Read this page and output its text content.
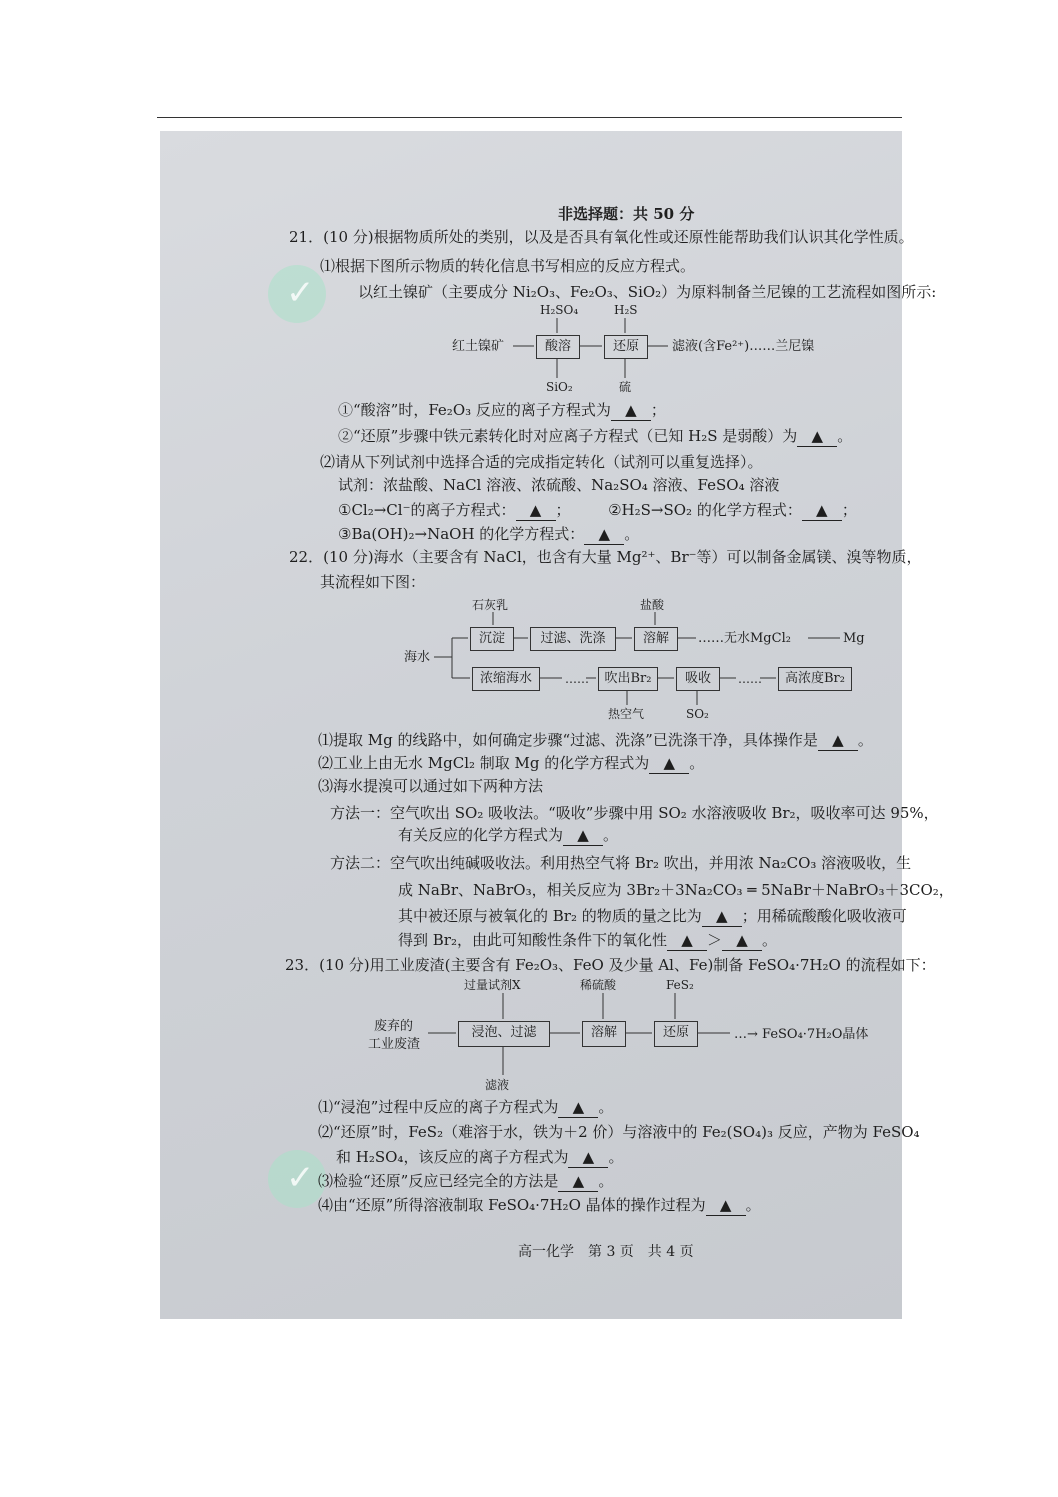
✓
✓
非选择题：共 50 分
21．(10 分)根据物质所处的类别，以及是否具有氧化性或还原性能帮助我们认识其化学性质。
⑴根据下图所示物质的转化信息书写相应的反应方程式。
以红土镍矿（主要成分 Ni₂O₃、Fe₂O₃、SiO₂）为原料制备兰尼镍的工艺流程如图所示:
H₂SO₄	H₂S
红土镍矿	酸溶	还原	滤液(含Fe²⁺)……兰尼镍
SiO₂	硫
①“酸溶”时，Fe₂O₃ 反应的离子方程式为 ▲ ；
②“还原”步骤中铁元素转化时对应离子方程式（已知 H₂S 是弱酸）为 ▲ 。
⑵请从下列试剂中选择合适的完成指定转化（试剂可以重复选择）。
试剂：浓盐酸、NaCl 溶液、浓硫酸、Na₂SO₄ 溶液、FeSO₄ 溶液
①Cl₂→Cl⁻的离子方程式： ▲ ；	②H₂S→SO₂ 的化学方程式： ▲ ；
③Ba(OH)₂→NaOH 的化学方程式： ▲ 。
22．(10 分)海水（主要含有 NaCl，也含有大量 Mg²⁺、Br⁻等）可以制备金属镁、溴等物质，
其流程如下图：
石灰乳	盐酸
海水
沉淀	过滤、洗涤	溶解	……无水MgCl₂	Mg
浓缩海水	……	吹出Br₂	吸收	……	高浓度Br₂
热空气	SO₂
⑴提取 Mg 的线路中，如何确定步骤“过滤、洗涤”已洗涤干净，具体操作是 ▲ 。
⑵工业上由无水 MgCl₂ 制取 Mg 的化学方程式为 ▲ 。
⑶海水提溴可以通过如下两种方法
方法一：空气吹出 SO₂ 吸收法。“吸收”步骤中用 SO₂ 水溶液吸收 Br₂，吸收率可达 95%，
有关反应的化学方程式为 ▲ 。
方法二：空气吹出纯碱吸收法。利用热空气将 Br₂ 吹出，并用浓 Na₂CO₃ 溶液吸收，生
成 NaBr、NaBrO₃，相关反应为 3Br₂＋3Na₂CO₃ ═ 5NaBr＋NaBrO₃＋3CO₂，
其中被还原与被氧化的 Br₂ 的物质的量之比为 ▲ ；用稀硫酸酸化吸收液可
得到 Br₂，由此可知酸性条件下的氧化性 ▲ ＞ ▲ 。
23．(10 分)用工业废渣(主要含有 Fe₂O₃、FeO 及少量 Al、Fe)制备 FeSO₄·7H₂O 的流程如下：
过量试剂X	稀硫酸	FeS₂
废弃的
工业废渣
浸泡、过滤	溶解	还原	…→ FeSO₄·7H₂O晶体
滤液
⑴“浸泡”过程中反应的离子方程式为 ▲ 。
⑵“还原”时，FeS₂（难溶于水，铁为＋2 价）与溶液中的 Fe₂(SO₄)₃ 反应，产物为 FeSO₄
和 H₂SO₄，该反应的离子方程式为 ▲ 。
⑶检验“还原”反应已经完全的方法是 ▲ 。
⑷由“还原”所得溶液制取 FeSO₄·7H₂O 晶体的操作过程为 ▲ 。
高一化学　第 3 页　共 4 页
